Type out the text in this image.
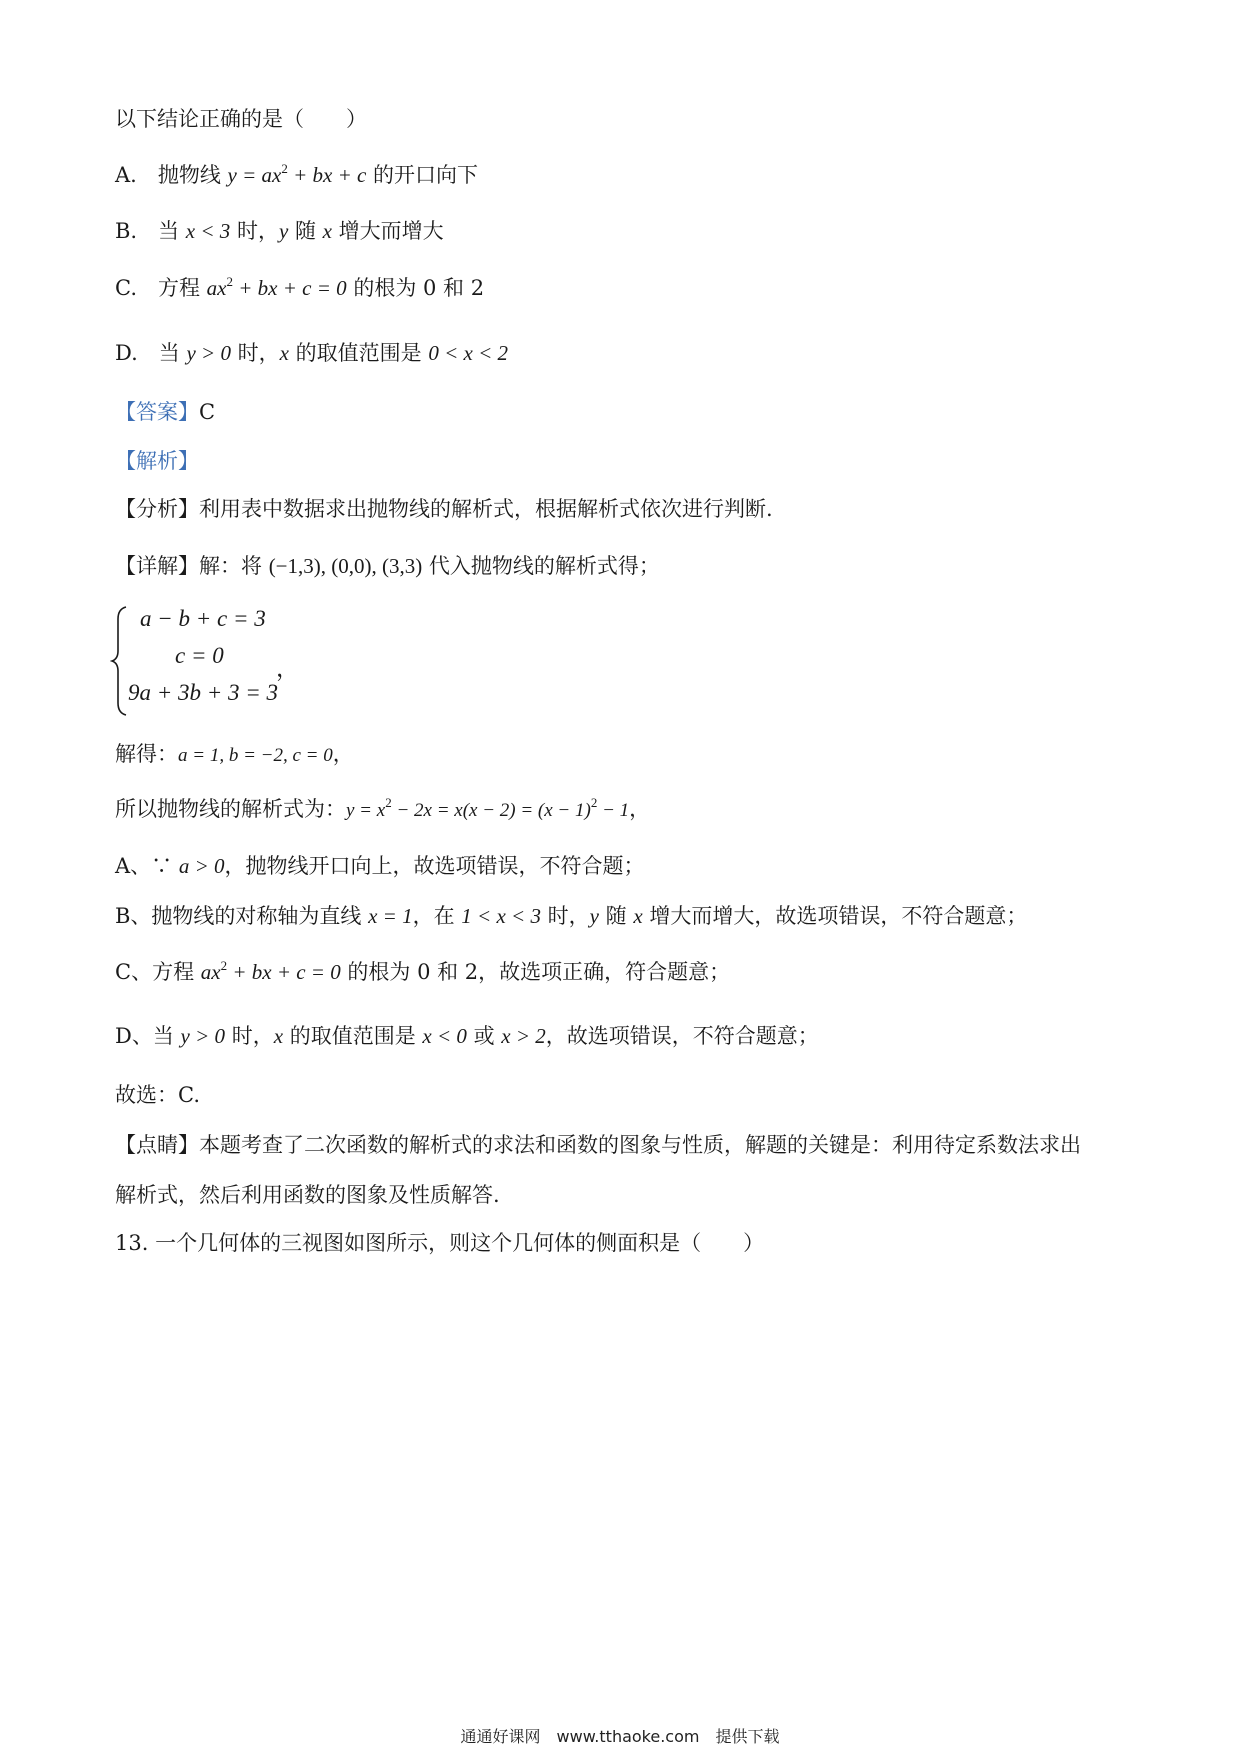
以下结论正确的是（　　）
A.　抛物线 $y = ax^2$ + bx + c 的开口向下
B.　当 x < 3 时，y 随 x 增大而增大
C.　方程 $ax^2$ + bx + c = 0 的根为 0 和 2
D.　当 y > 0 时，x 的取值范围是 0 < x < 2
【答案】C
【解析】
【分析】利用表中数据求出抛物线的解析式，根据解析式依次进行判断.
【详解】解：将 (−1,3), (0,0), (3,3) 代入抛物线的解析式得；
a − b + c = 3
c = 0
，
9a + 3b + 3 = 3
解得：a = 1, b = −2, c = 0，
所以抛物线的解析式为：$y = x^2 - 2x = x(x - 2) = (x - 1)^2 - 1$，
A、∵ a > 0，抛物线开口向上，故选项错误，不符合题；
B、抛物线的对称轴为直线 x = 1，在 1 < x < 3 时，y 随 x 增大而增大，故选项错误，不符合题意；
C、方程 $ax^2$ + bx + c = 0 的根为 0 和 2，故选项正确，符合题意；
D、当 y > 0 时，x 的取值范围是 x < 0 或 x > 2，故选项错误，不符合题意；
故选：C.
【点睛】本题考查了二次函数的解析式的求法和函数的图象与性质，解题的关键是：利用待定系数法求出
解析式，然后利用函数的图象及性质解答.
13. 一个几何体的三视图如图所示，则这个几何体的侧面积是（　　）
通通好课网　www.tthaoke.com　提供下载
